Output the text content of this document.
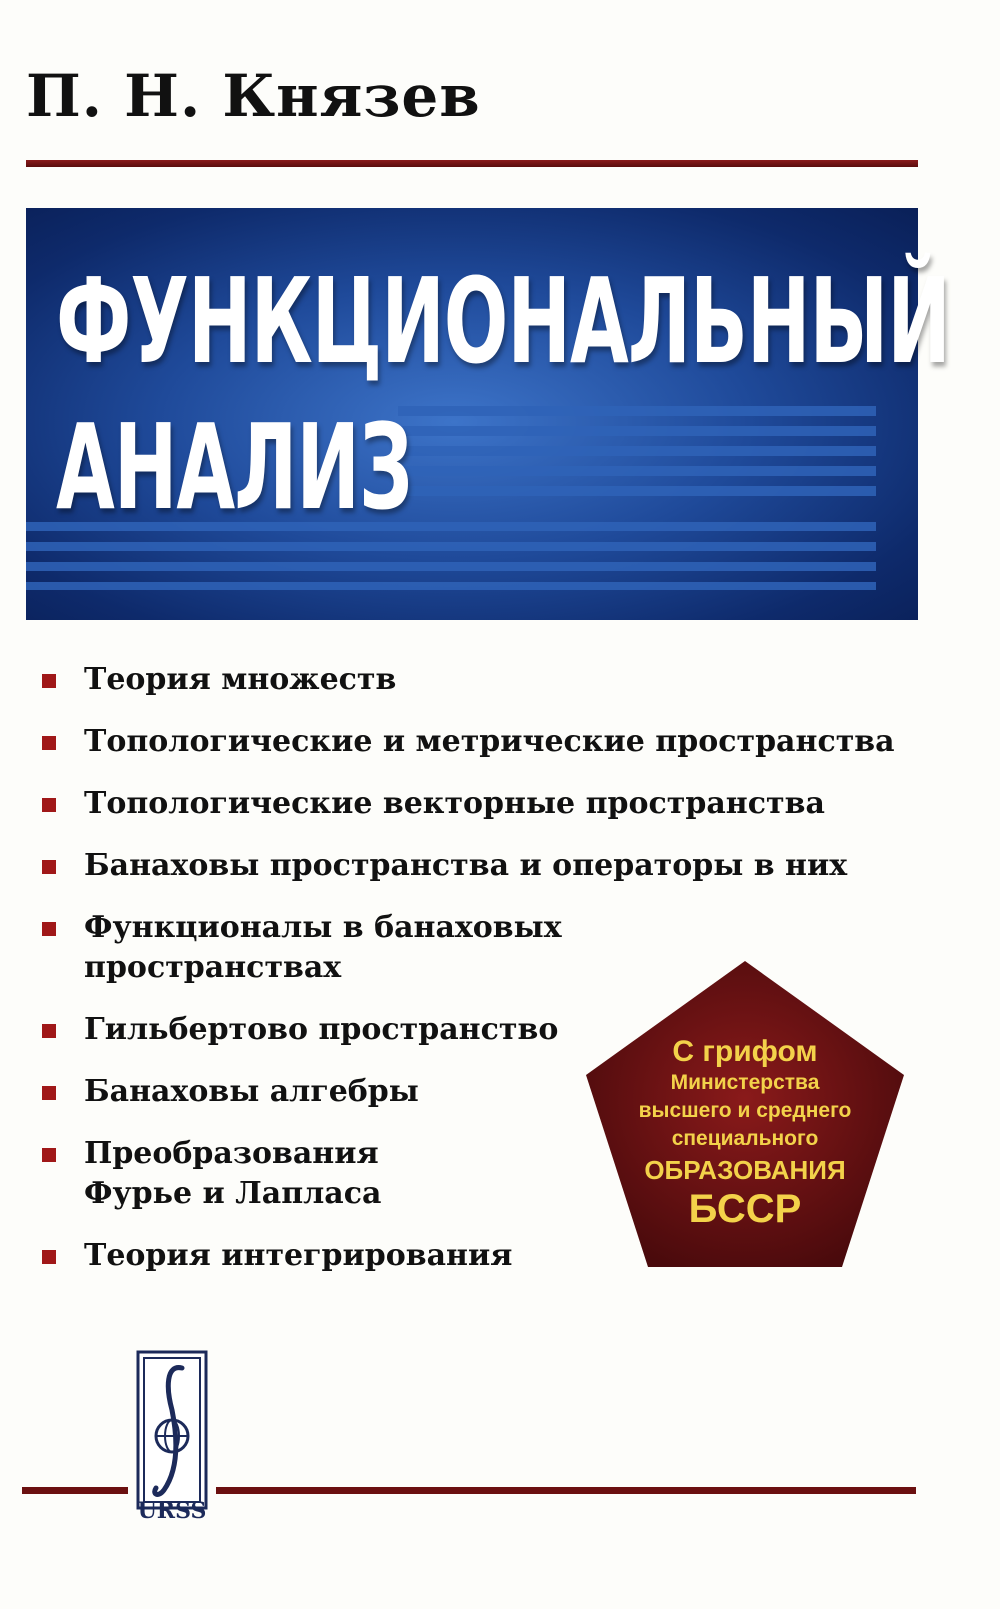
П. Н. Князев
ФУНКЦИОНАЛЬНЫЙ
АНАЛИЗ
Теория множеств
Топологические и метрические пространства
Топологические векторные пространства
Банаховы пространства и операторы в них
Функционалы в банаховых
пространствах
Гильбертово пространство
Банаховы алгебры
Преобразования
Фурье и Лапласа
Теория интегрирования
С грифом
Министерства
высшего и среднего
специального
ОБРАЗОВАНИЯ
БССР
URSS
